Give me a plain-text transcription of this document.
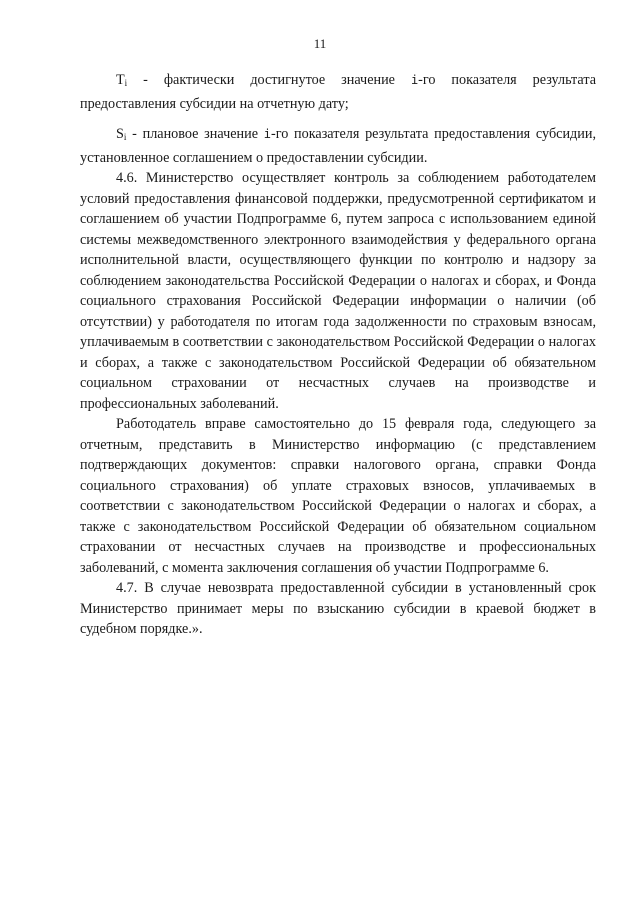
11

Ti - фактически достигнутое значение i-го показателя результата предоставления субсидии на отчетную дату;

Si - плановое значение i-го показателя результата предоставления субсидии, установленное соглашением о предоставлении субсидии.

4.6. Министерство осуществляет контроль за соблюдением работодателем условий предоставления финансовой поддержки, предусмотренной сертификатом и соглашением об участии Подпрограмме 6, путем запроса с использованием единой системы межведомственного электронного взаимодействия у федерального органа исполнительной власти, осуществляющего функции по контролю и надзору за соблюдением законодательства Российской Федерации о налогах и сборах, и Фонда социального страхования Российской Федерации информации о наличии (об отсутствии) у работодателя по итогам года задолженности по страховым взносам, уплачиваемым в соответствии с законодательством Российской Федерации о налогах и сборах, а также с законодательством Российской Федерации об обязательном социальном страховании от несчастных случаев на производстве и профессиональных заболеваний.

Работодатель вправе самостоятельно до 15 февраля года, следующего за отчетным, представить в Министерство информацию (с представлением подтверждающих документов: справки налогового органа, справки Фонда социального страхования) об уплате страховых взносов, уплачиваемых в соответствии с законодательством Российской Федерации о налогах и сборах, а также с законодательством Российской Федерации об обязательном социальном страховании от несчастных случаев на производстве и профессиональных заболеваний, с момента заключения соглашения об участии Подпрограмме 6.

4.7. В случае невозврата предоставленной субсидии в установленный срок Министерство принимает меры по взысканию субсидии в краевой бюджет в судебном порядке.».
